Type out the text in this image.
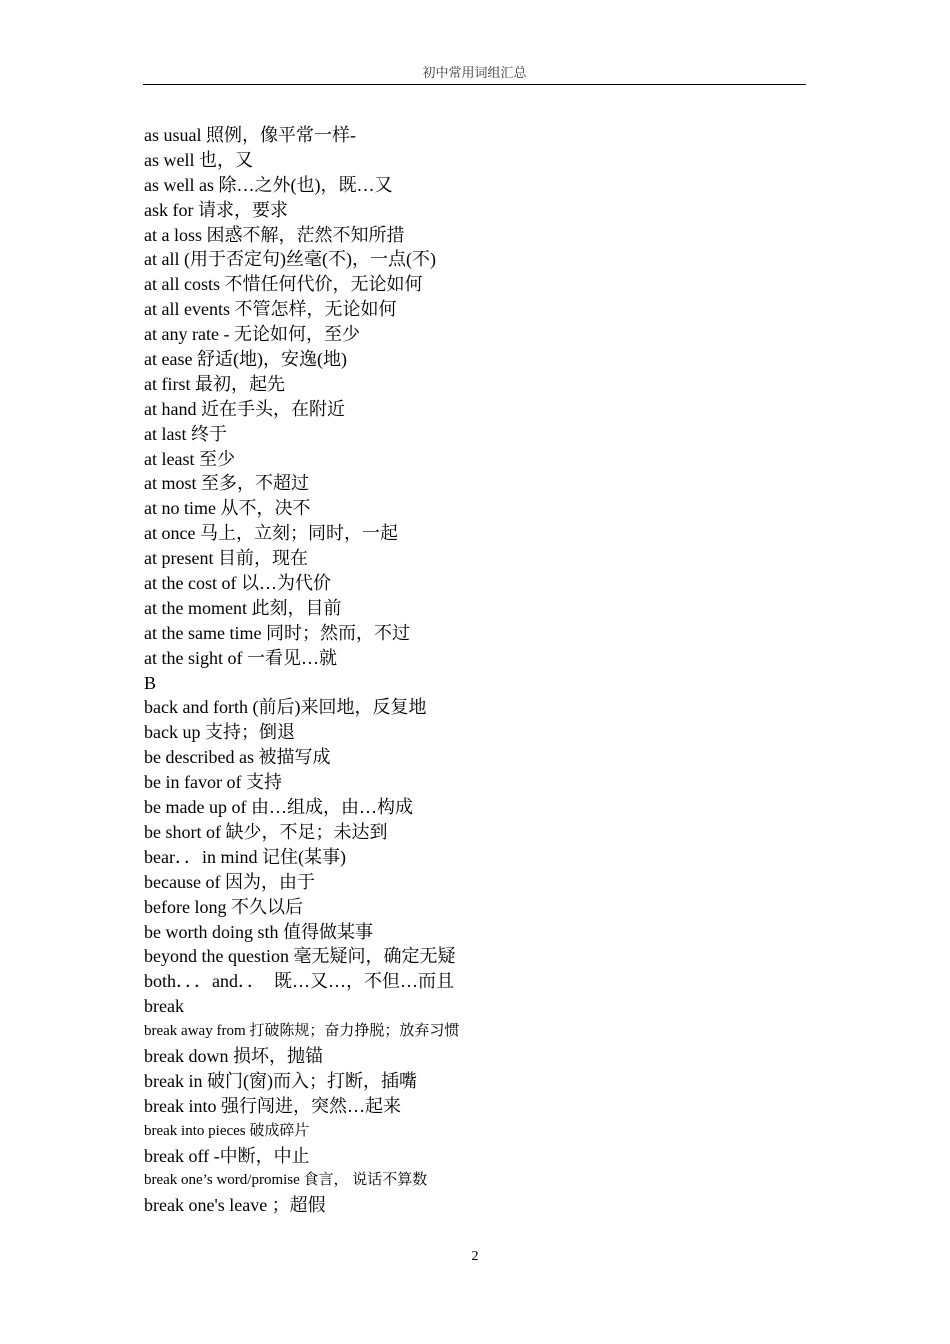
初中常用词组汇总
as usual 照例，像平常一样-
as well 也，又
as well as 除…之外(也)，既…又
ask for 请求，要求
at a loss 困惑不解，茫然不知所措
at all (用于否定句)丝毫(不)，一点(不)
at all costs 不惜任何代价，无论如何
at all events 不管怎样，无论如何
at any rate - 无论如何，至少
at ease 舒适(地)，安逸(地)
at first 最初，起先
at hand 近在手头，在附近
at last 终于
at least 至少
at most 至多，不超过
at no time 从不，决不
at once 马上，立刻；同时，一起
at present 目前，现在
at the cost of 以…为代价
at the moment 此刻，目前
at the same time 同时；然而，不过
at the sight of 一看见…就
B
back and forth (前后)来回地，反复地
back up 支持；倒退
be described as 被描写成
be in favor of 支持
be made up of 由…组成，由…构成
be short of 缺少，不足；未达到
bear．．in mind 记住(某事)
because of 因为，由于
before long 不久以后
be worth doing sth 值得做某事
beyond the question 毫无疑问，确定无疑
both．．．and．．  既…又…，不但…而且
break
break away from 打破陈规；奋力挣脱；放弃习惯
break down 损坏，抛锚
break in 破门(窗)而入；打断，插嘴
break into 强行闯进，突然…起来
break into pieces 破成碎片
break off -中断，中止
break one’s word/promise 食言， 说话不算数
break one's leave ；超假
2
